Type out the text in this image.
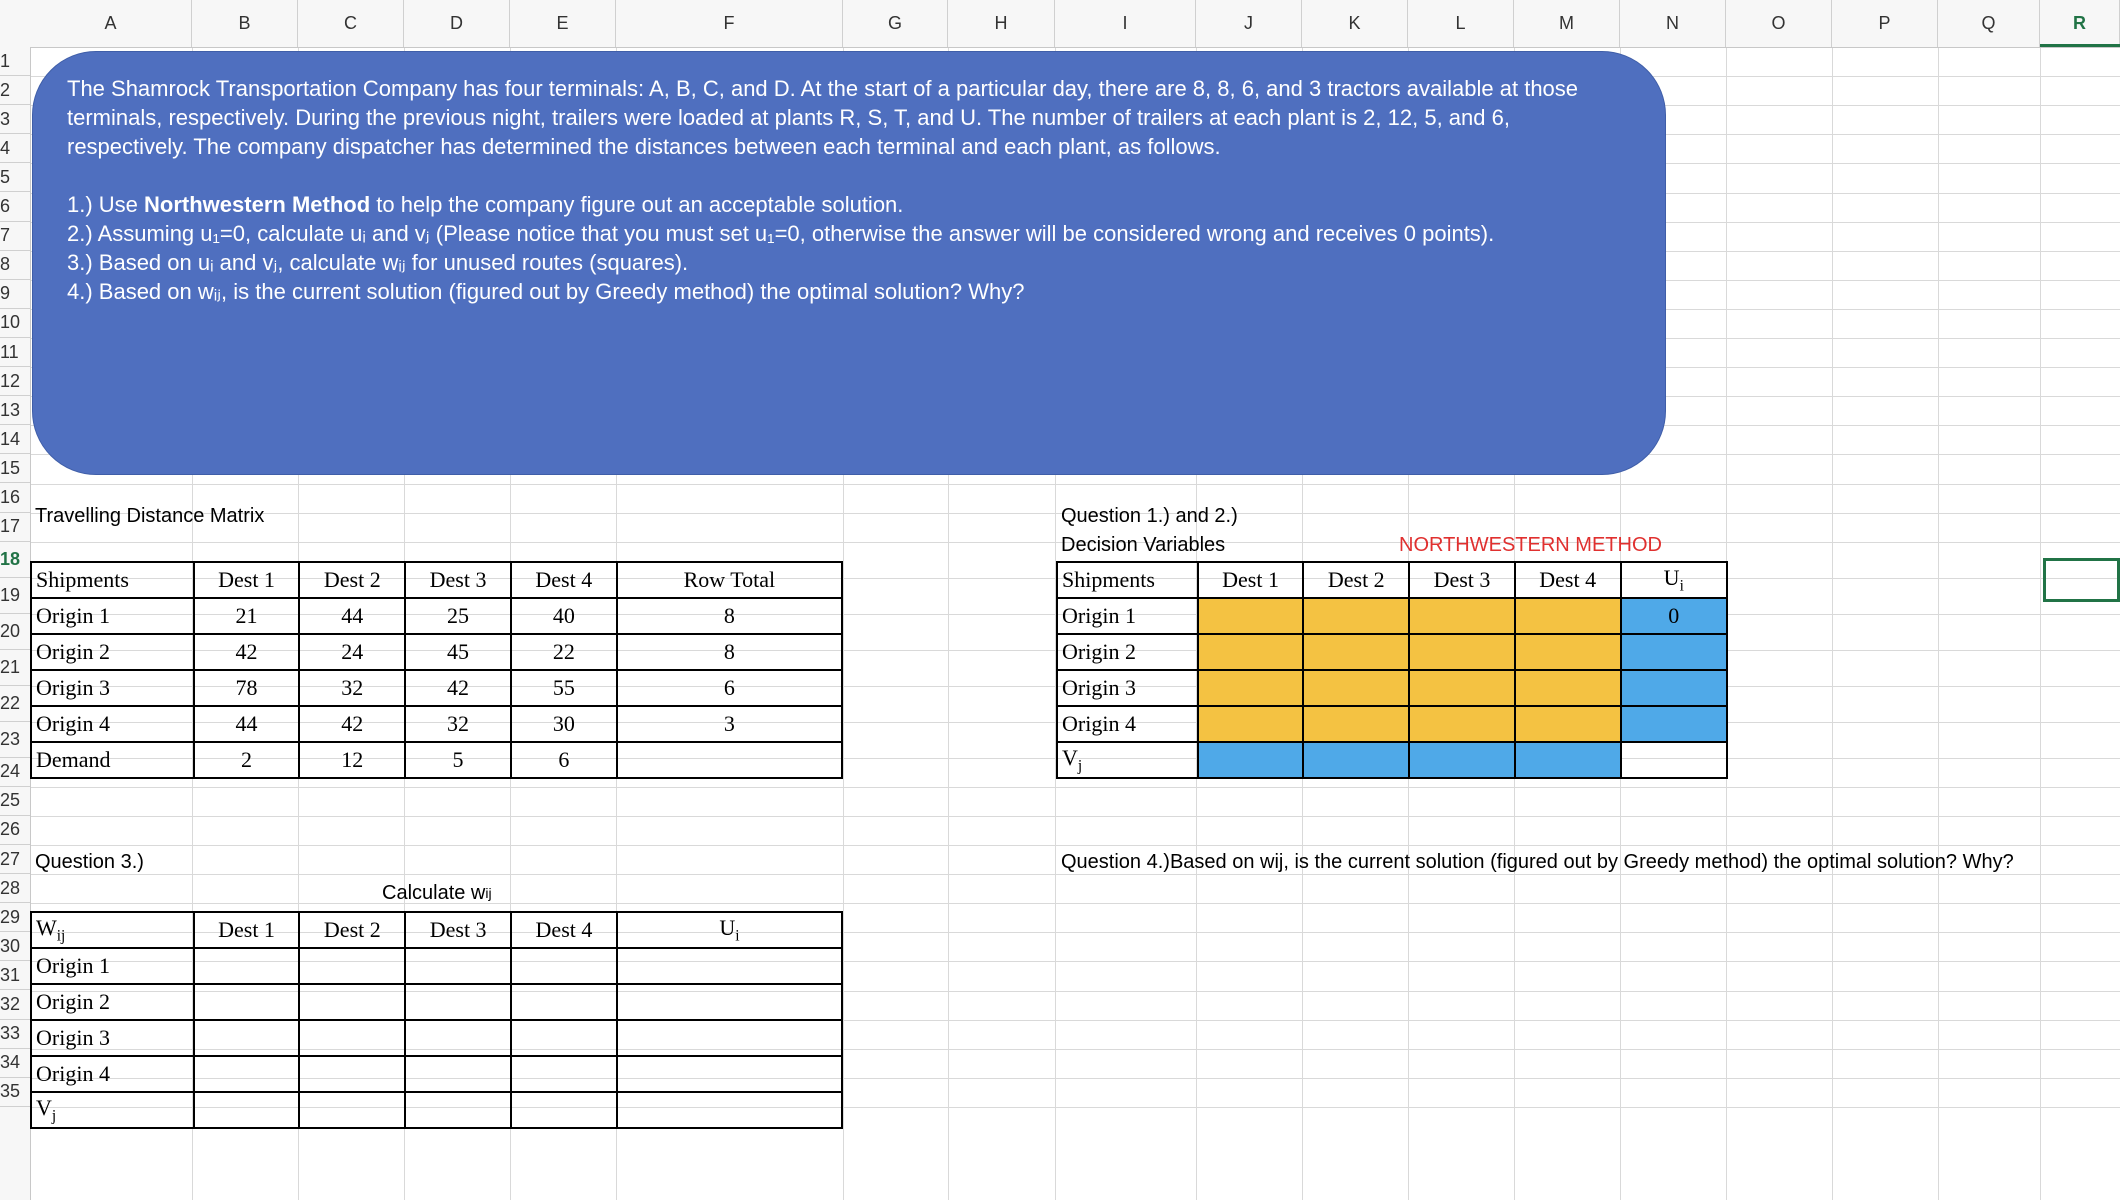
A	B	C	D	E	F	G	H	I	J	K	L	M	N	O	P	Q	R
1
2
3
4
5
6
7
8
9
10
11
12
13
14
15
16
17
18
19
20
21
22
23
24
25
26
27
28
29
30
31
32
33
34
35

The Shamrock Transportation Company has four terminals: A, B, C, and D. At the start of a particular day, there are 8, 8, 6, and 3 tractors available at those terminals, respectively. During the previous night, trailers were loaded at plants R, S, T, and U. The number of trailers at each plant is 2, 12, 5, and 6, respectively. The company dispatcher has determined the distances between each terminal and each plant, as follows.

1.) Use Northwestern Method to help the company figure out an acceptable solution.

2.) Assuming u₁=0, calculate uᵢ and vⱼ (Please notice that you must set u₁=0, otherwise the answer will be considered wrong and receives 0 points).

3.) Based on uᵢ and vⱼ, calculate wᵢⱼ for unused routes (squares).

4.) Based on wᵢⱼ, is the current solution (figured out by Greedy method) the optimal solution? Why?

Travelling Distance Matrix	Question 1.) and 2.)
Decision Variables	NORTHWESTERN METHOD
Question 3.)
Calculate w ij
Question 4.)Based on wij, is the current solution (figured out by Greedy method) the optimal solution? Why?
Shipments	Dest 1	Dest 2	Dest 3	Dest 4	Row Total
Origin 1	21	44	25	40	8
Origin 2	42	24	45	22	8
Origin 3	78	32	42	55	6
Origin 4	44	42	32	30	3
Demand	2	12	5	6	
Shipments	Dest 1	Dest 2	Dest 3	Dest 4	$U_i$
Origin 1					0
Origin 2					
Origin 3					
Origin 4					
$V_j$					
$W_{ij}$	Dest 1	Dest 2	Dest 3	Dest 4	$U_i$
Origin 1					
Origin 2					
Origin 3					
Origin 4					
$V_j$					
